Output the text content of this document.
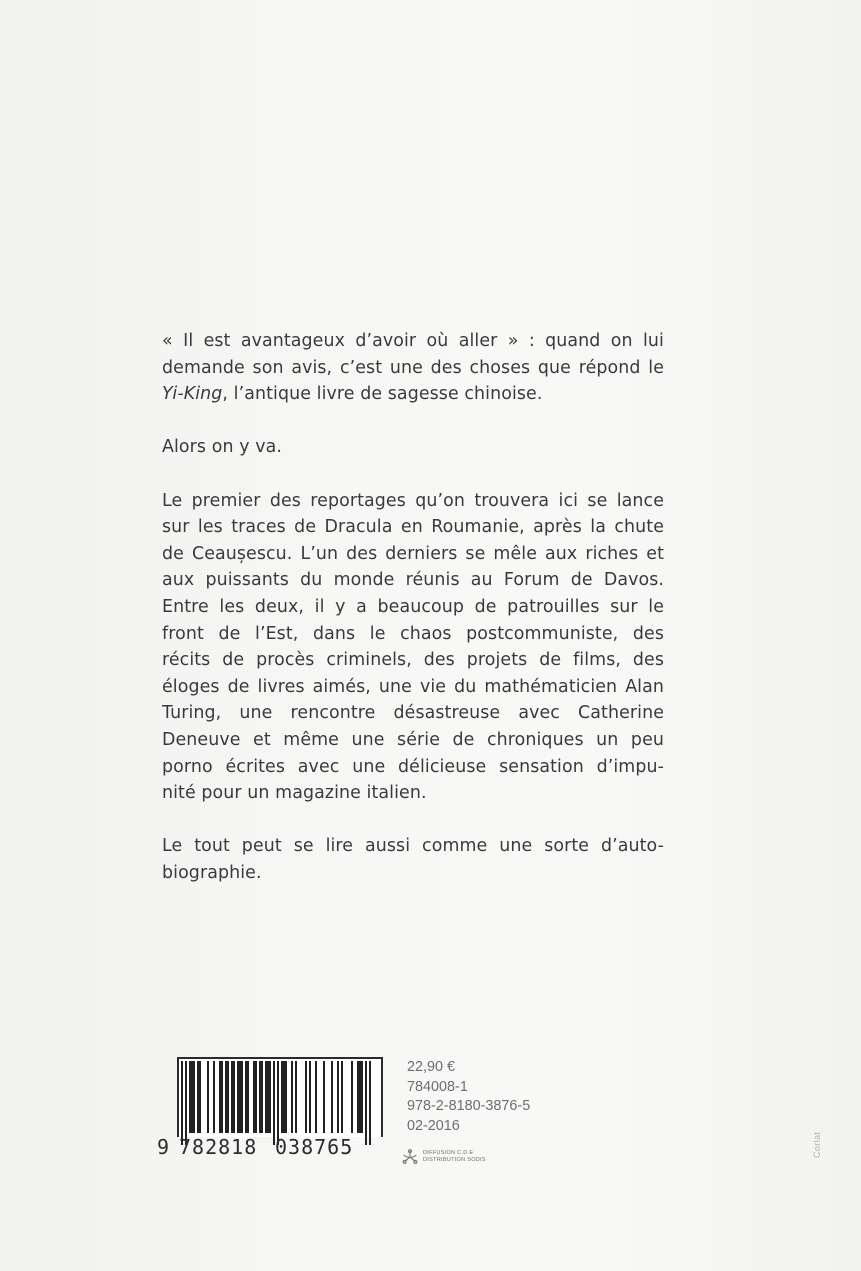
« Il est avantageux d’avoir où aller » : quand on lui
demande son avis, c’est une des choses que répond le
Yi-King, l’antique livre de sagesse chinoise.

Alors on y va.

Le premier des reportages qu’on trouvera ici se lance
sur les traces de Dracula en Roumanie, après la chute
de Ceaușescu. L’un des derniers se mêle aux riches et
aux puissants du monde réunis au Forum de Davos.
Entre les deux, il y a beaucoup de patrouilles sur le
front de l’Est, dans le chaos postcommuniste, des
récits de procès criminels, des projets de films, des
éloges de livres aimés, une vie du mathématicien Alan
Turing, une rencontre désastreuse avec Catherine
Deneuve et même une série de chroniques un peu
porno écrites avec une délicieuse sensation d’impu-
nité pour un magazine italien.

Le tout peut se lire aussi comme une sorte d’auto-
biographie.

9 782818 038765
22,90 €
784008-1
978-2-8180-3876-5
02-2016
DIFFUSION C.D.E
DISTRIBUTION SODIS
Corlat
